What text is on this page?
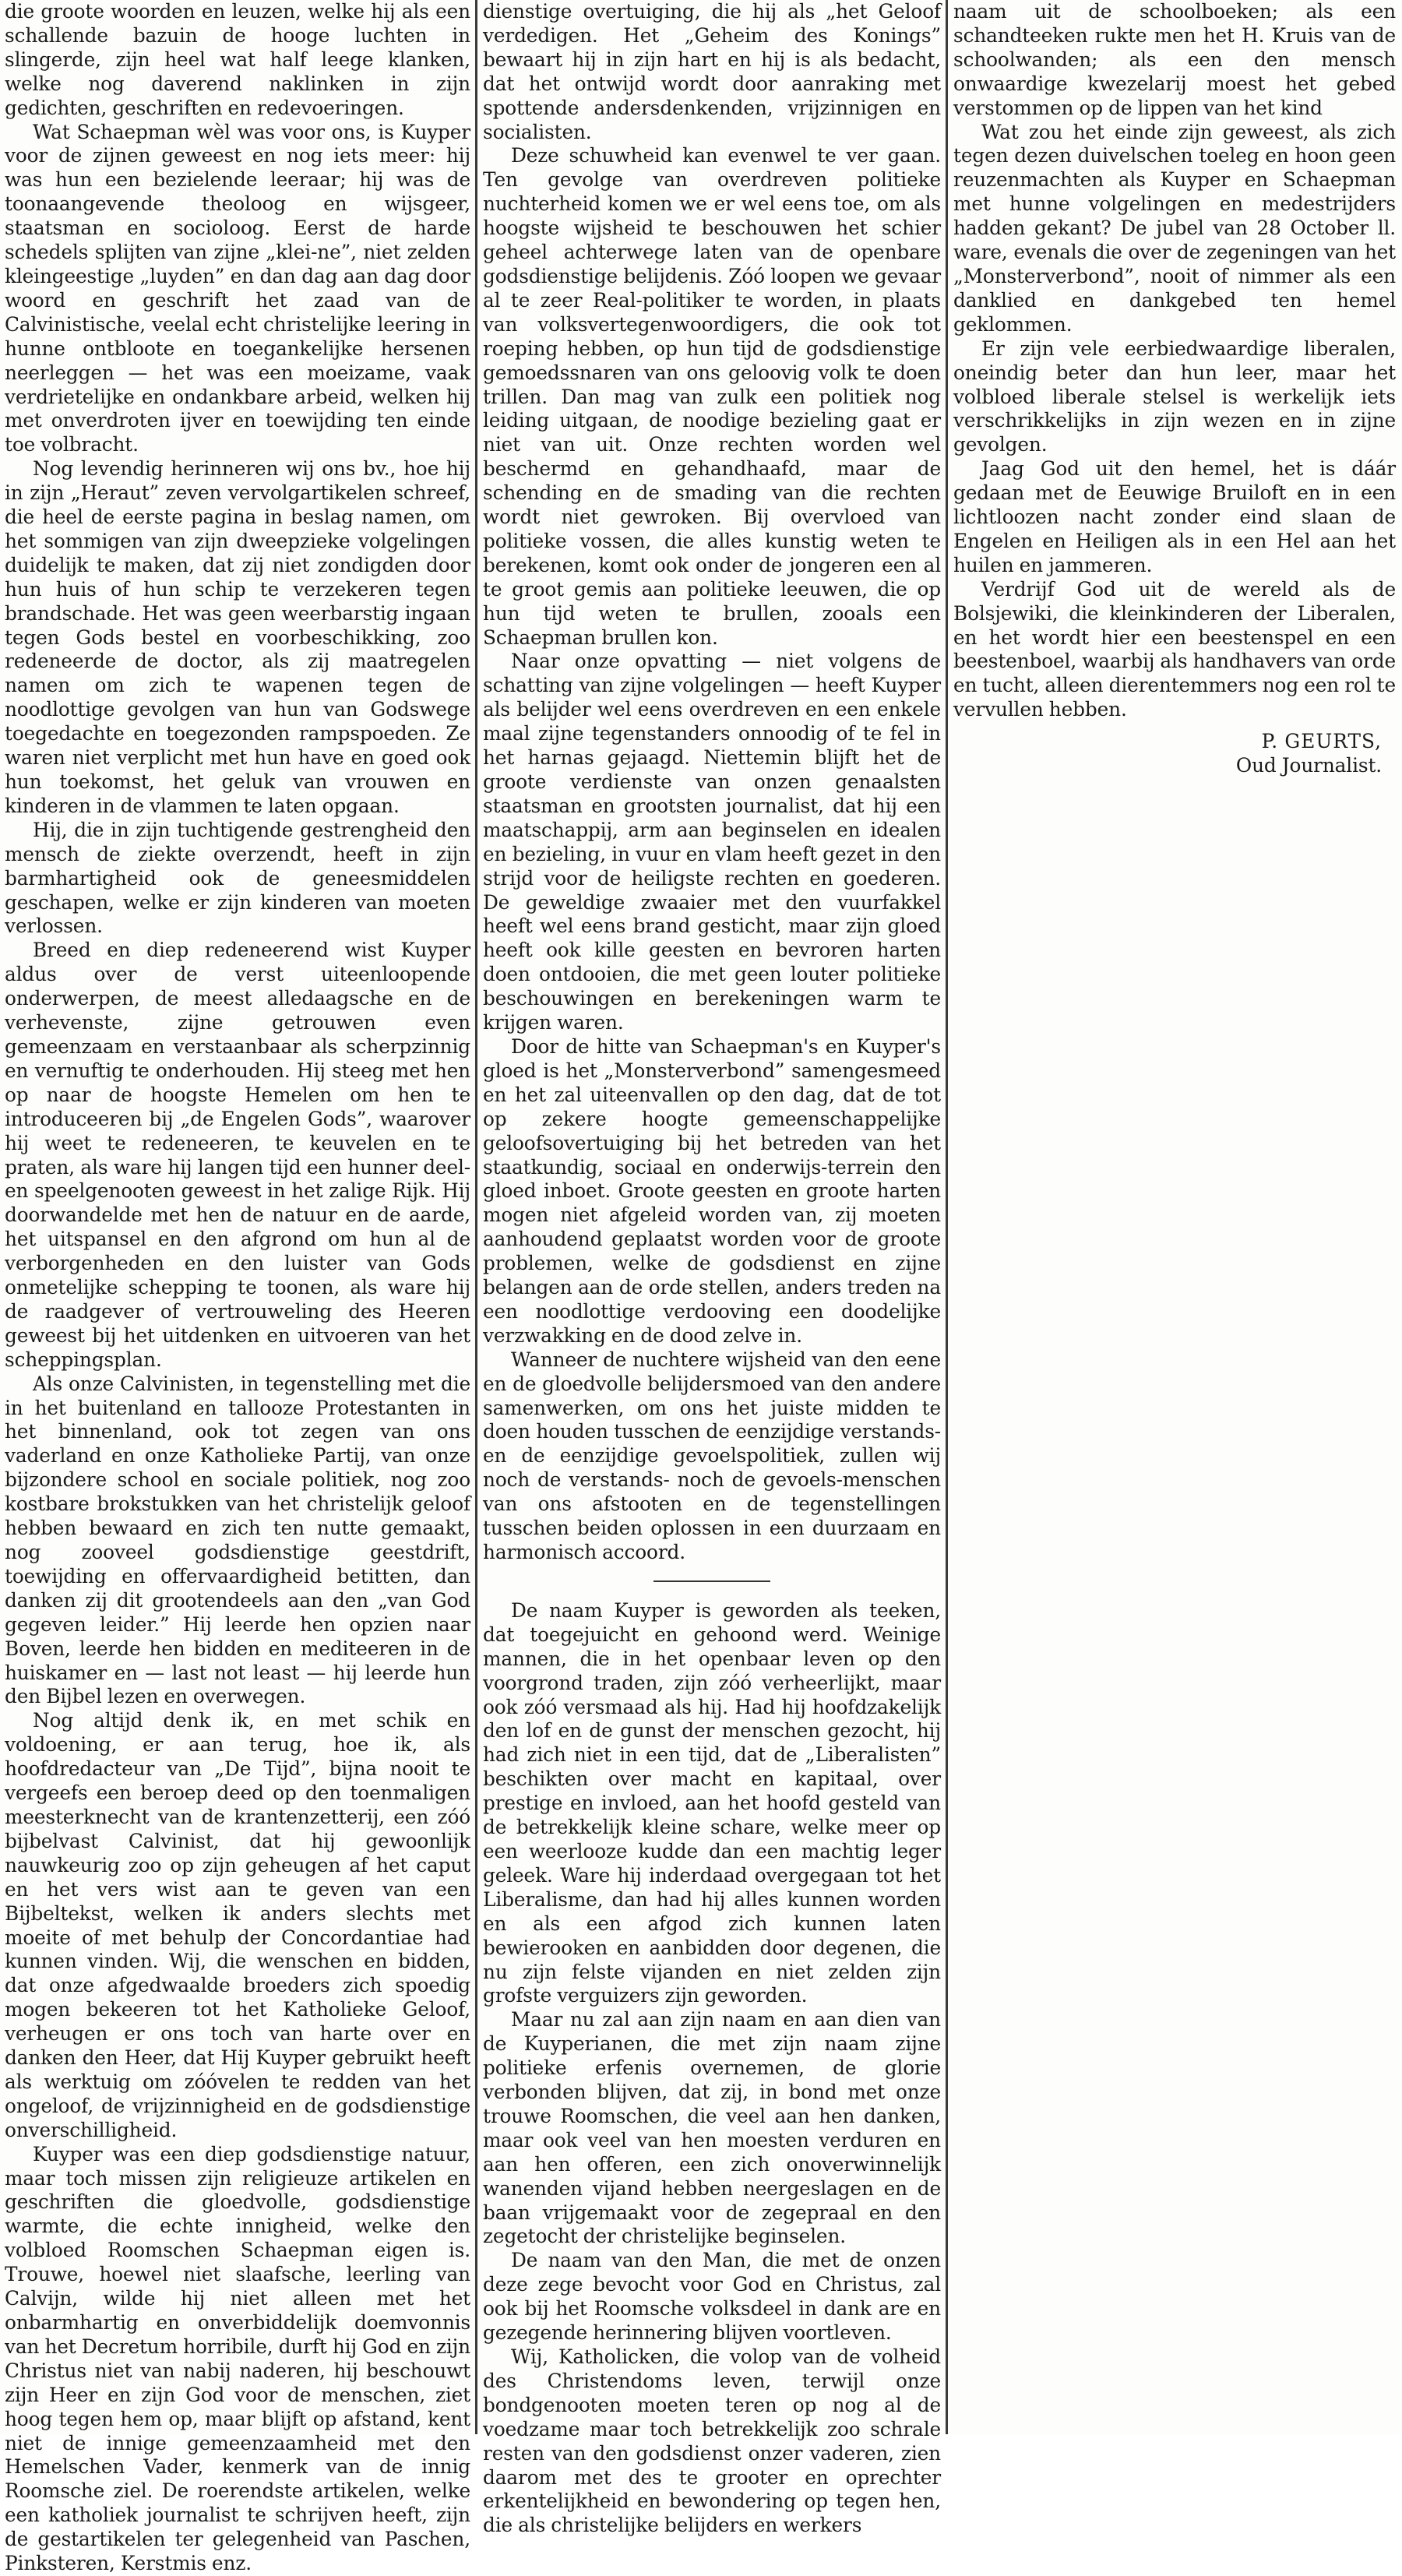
die groote woorden en leuzen, welke hij als een schallende bazuin de hooge luchten in slingerde, zijn heel wat half leege klanken, welke nog daverend naklinken in zijn gedichten, geschriften en redevoeringen.

Wat Schaepman wèl was voor ons, is Kuyper voor de zijnen geweest en nog iets meer: hij was hun een bezielende leeraar; hij was de toonaangevende theoloog en wijsgeer, staatsman en socioloog. Eerst de harde schedels splijten van zijne „klei-ne”, niet zelden kleingeestige „luyden” en dan dag aan dag door woord en geschrift het zaad van de Calvinistische, veelal echt christelijke leering in hunne ontbloote en toegankelijke hersenen neerleggen — het was een moeizame, vaak verdrietelijke en ondankbare arbeid, welken hij met onverdroten ijver en toewijding ten einde toe volbracht.

Nog levendig herinneren wij ons bv., hoe hij in zijn „Heraut” zeven vervolgartikelen schreef, die heel de eerste pagina in beslag namen, om het sommigen van zijn dweepzieke volgelingen duidelijk te maken, dat zij niet zondigden door hun huis of hun schip te verzekeren tegen brandschade. Het was geen weerbarstig ingaan tegen Gods bestel en voorbeschikking, zoo redeneerde de doctor, als zij maatregelen namen om zich te wapenen tegen de noodlottige gevolgen van hun van Godswege toegedachte en toegezonden rampspoeden. Ze waren niet verplicht met hun have en goed ook hun toekomst, het geluk van vrouwen en kinderen in de vlammen te laten opgaan.

Hij, die in zijn tuchtigende gestrengheid den mensch de ziekte overzendt, heeft in zijn barmhartigheid ook de geneesmiddelen geschapen, welke er zijn kinderen van moeten verlossen.

Breed en diep redeneerend wist Kuyper aldus over de verst uiteenloopende onderwerpen, de meest alledaagsche en de verhevenste, zijne getrouwen even gemeenzaam en verstaanbaar als scherpzinnig en vernuftig te onderhouden. Hij steeg met hen op naar de hoogste Hemelen om hen te introduceeren bij „de Engelen Gods”, waarover hij weet te redeneeren, te keuvelen en te praten, als ware hij langen tijd een hunner deel- en speelgenooten geweest in het zalige Rijk. Hij doorwandelde met hen de natuur en de aarde, het uitspansel en den afgrond om hun al de verborgenheden en den luister van Gods onmetelijke schepping te toonen, als ware hij de raadgever of vertrouweling des Heeren geweest bij het uitdenken en uitvoeren van het scheppingsplan.

Als onze Calvinisten, in tegenstelling met die in het buitenland en tallooze Protestanten in het binnenland, ook tot zegen van ons vaderland en onze Katholieke Partij, van onze bijzondere school en sociale politiek, nog zoo kostbare brokstukken van het christelijk geloof hebben bewaard en zich ten nutte gemaakt, nog zooveel godsdienstige geestdrift, toewijding en offervaardigheid betitten, dan danken zij dit grootendeels aan den „van God gegeven leider.” Hij leerde hen opzien naar Boven, leerde hen bidden en mediteeren in de huiskamer en — last not least — hij leerde hun den Bijbel lezen en overwegen.

Nog altijd denk ik, en met schik en voldoening, er aan terug, hoe ik, als hoofdredacteur van „De Tijd”, bijna nooit te vergeefs een beroep deed op den toenmaligen meesterknecht van de krantenzetterij, een zóó bijbelvast Calvinist, dat hij gewoonlijk nauwkeurig zoo op zijn geheugen af het caput en het vers wist aan te geven van een Bijbeltekst, welken ik anders slechts met moeite of met behulp der Concordantiae had kunnen vinden. Wij, die wenschen en bidden, dat onze afgedwaalde broeders zich spoedig mogen bekeeren tot het Katholieke Geloof, verheugen er ons toch van harte over en danken den Heer, dat Hij Kuyper gebruikt heeft als werktuig om zóóvelen te redden van het ongeloof, de vrijzinnigheid en de godsdienstige onverschilligheid.

Kuyper was een diep godsdienstige natuur, maar toch missen zijn religieuze artikelen en geschriften die gloedvolle, godsdienstige warmte, die echte innigheid, welke den volbloed Roomschen Schaepman eigen is. Trouwe, hoewel niet slaafsche, leerling van Calvijn, wilde hij niet alleen met het onbarmhartig en onverbiddelijk doemvonnis van het Decretum horribile, durft hij God en zijn Christus niet van nabij naderen, hij beschouwt zijn Heer en zijn God voor de menschen, ziet hoog tegen hem op, maar blijft op afstand, kent niet de innige gemeenzaamheid met den Hemelschen Vader, kenmerk van de innig Roomsche ziel. De roerendste artikelen, welke een katholiek journalist te schrijven heeft, zijn de gestartikelen ter gelegenheid van Paschen, Pinksteren, Kerstmis enz.

dienstige overtuiging, die hij als „het Geloof verdedigen. Het „Geheim des Konings” bewaart hij in zijn hart en hij is als bedacht, dat het ontwijd wordt door aanraking met spottende andersdenkenden, vrijzinnigen en socialisten.

Deze schuwheid kan evenwel te ver gaan. Ten gevolge van overdreven politieke nuchterheid komen we er wel eens toe, om als hoogste wijsheid te beschouwen het schier geheel achterwege laten van de openbare godsdienstige belijdenis. Zóó loopen we gevaar al te zeer Real-politiker te worden, in plaats van volksvertegenwoordigers, die ook tot roeping hebben, op hun tijd de godsdienstige gemoedssnaren van ons geloovig volk te doen trillen. Dan mag van zulk een politiek nog leiding uitgaan, de noodige bezieling gaat er niet van uit. Onze rechten worden wel beschermd en gehandhaafd, maar de schending en de smading van die rechten wordt niet gewroken. Bij overvloed van politieke vossen, die alles kunstig weten te berekenen, komt ook onder de jongeren een al te groot gemis aan politieke leeuwen, die op hun tijd weten te brullen, zooals een Schaepman brullen kon.

Naar onze opvatting — niet volgens de schatting van zijne volgelingen — heeft Kuyper als belijder wel eens overdreven en een enkele maal zijne tegenstanders onnoodig of te fel in het harnas gejaagd. Niettemin blijft het de groote verdienste van onzen genaalsten staatsman en grootsten journalist, dat hij een maatschappij, arm aan beginselen en idealen en bezieling, in vuur en vlam heeft gezet in den strijd voor de heiligste rechten en goederen. De geweldige zwaaier met den vuurfakkel heeft wel eens brand gesticht, maar zijn gloed heeft ook kille geesten en bevroren harten doen ontdooien, die met geen louter politieke beschouwingen en berekeningen warm te krijgen waren.

Door de hitte van Schaepman's en Kuyper's gloed is het „Monsterverbond” samengesmeed en het zal uiteenvallen op den dag, dat de tot op zekere hoogte gemeenschappelijke geloofsovertuiging bij het betreden van het staatkundig, sociaal en onderwijs-terrein den gloed inboet. Groote geesten en groote harten mogen niet afgeleid worden van, zij moeten aanhoudend geplaatst worden voor de groote problemen, welke de godsdienst en zijne belangen aan de orde stellen, anders treden na een noodlottige verdooving een doodelijke verzwakking en de dood zelve in.

Wanneer de nuchtere wijsheid van den eene en de gloedvolle belijdersmoed van den andere samenwerken, om ons het juiste midden te doen houden tusschen de eenzijdige verstands- en de eenzijdige gevoelspolitiek, zullen wij noch de verstands- noch de gevoels-menschen van ons afstooten en de tegenstellingen tusschen beiden oplossen in een duurzaam en harmonisch accoord.

De naam Kuyper is geworden als teeken, dat toegejuicht en gehoond werd. Weinige mannen, die in het openbaar leven op den voorgrond traden, zijn zóó verheerlijkt, maar ook zóó versmaad als hij. Had hij hoofdzakelijk den lof en de gunst der menschen gezocht, hij had zich niet in een tijd, dat de „Liberalisten” beschikten over macht en kapitaal, over prestige en invloed, aan het hoofd gesteld van de betrekkelijk kleine schare, welke meer op een weerlooze kudde dan een machtig leger geleek. Ware hij inderdaad overgegaan tot het Liberalisme, dan had hij alles kunnen worden en als een afgod zich kunnen laten bewierooken en aanbidden door degenen, die nu zijn felste vijanden en niet zelden zijn grofste verguizers zijn geworden.

Maar nu zal aan zijn naam en aan dien van de Kuyperianen, die met zijn naam zijne politieke erfenis overnemen, de glorie verbonden blijven, dat zij, in bond met onze trouwe Roomschen, die veel aan hen danken, maar ook veel van hen moesten verduren en aan hen offeren, een zich onoverwinnelijk wanenden vijand hebben neergeslagen en de baan vrijgemaakt voor de zegepraal en den zegetocht der christelijke beginselen.

De naam van den Man, die met de onzen deze zege bevocht voor God en Christus, zal ook bij het Roomsche volksdeel in dank are en gezegende herinnering blijven voortleven.

Wij, Katholicken, die volop van de volheid des Christendoms leven, terwijl onze bondgenooten moeten teren op nog al de voedzame maar toch betrekkelijk zoo schrale resten van den godsdienst onzer vaderen, zien daarom met des te grooter en oprechter erkentelijkheid en bewondering op tegen hen, die als christelijke belijders en werkers

naam uit de schoolboeken; als een schandteeken rukte men het H. Kruis van de schoolwanden; als een den mensch onwaardige kwezelarij moest het gebed verstommen op de lippen van het kind

Wat zou het einde zijn geweest, als zich tegen dezen duivelschen toeleg en hoon geen reuzenmachten als Kuyper en Schaepman met hunne volgelingen en medestrijders hadden gekant? De jubel van 28 October ll. ware, evenals die over de zegeningen van het „Monsterverbond”, nooit of nimmer als een danklied en dankgebed ten hemel geklommen.

Er zijn vele eerbiedwaardige liberalen, oneindig beter dan hun leer, maar het volbloed liberale stelsel is werkelijk iets verschrikkelijks in zijn wezen en in zijne gevolgen.

Jaag God uit den hemel, het is dáár gedaan met de Eeuwige Bruiloft en in een lichtloozen nacht zonder eind slaan de Engelen en Heiligen als in een Hel aan het huilen en jammeren.

Verdrijf God uit de wereld als de Bolsjewiki, die kleinkinderen der Liberalen, en het wordt hier een beestenspel en een beestenboel, waarbij als handhavers van orde en tucht, alleen dierentemmers nog een rol te vervullen hebben.

P. GEURTS,

Oud Journalist.
